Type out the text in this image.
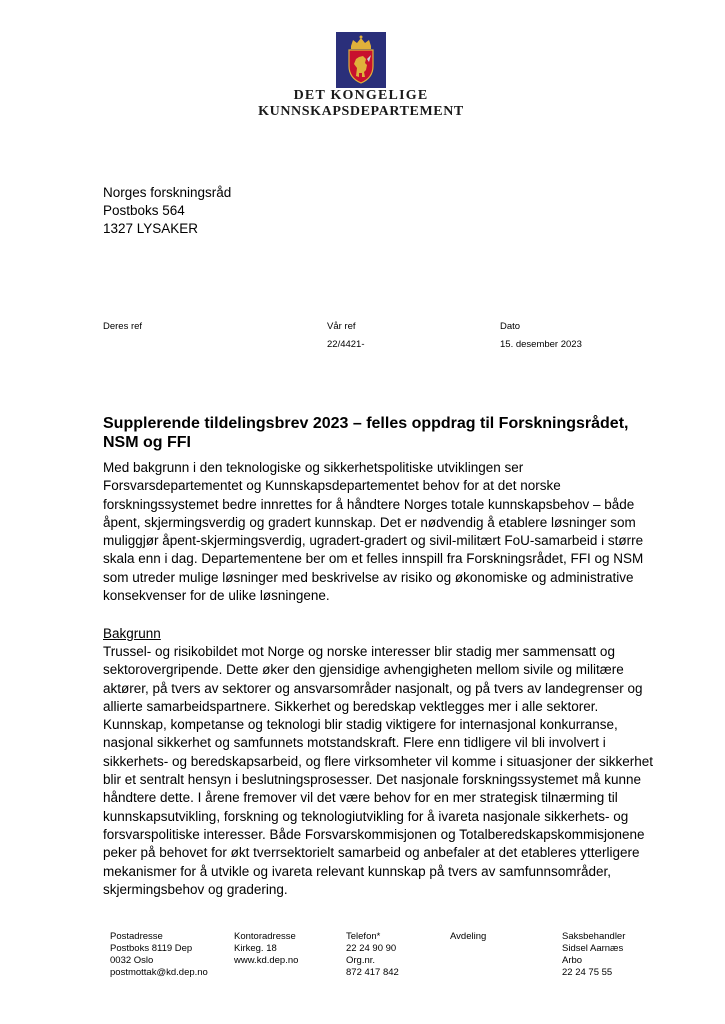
DET KONGELIGE
KUNNSKAPSDEPARTEMENT
Norges forskningsråd
Postboks 564
1327 LYSAKER
Deres ref	Vår ref
22/4421-
Dato
15. desember 2023
Supplerende tildelingsbrev 2023 – felles oppdrag til Forskningsrådet, NSM og FFI

Med bakgrunn i den teknologiske og sikkerhetspolitiske utviklingen ser Forsvarsdepartementet og Kunnskapsdepartementet behov for at det norske forskningssystemet bedre innrettes for å håndtere Norges totale kunnskapsbehov – både åpent, skjermingsverdig og gradert kunnskap. Det er nødvendig å etablere løsninger som muliggjør åpent-skjermingsverdig, ugradert-gradert og sivil-militært FoU-samarbeid i større skala enn i dag. Departementene ber om et felles innspill fra Forskningsrådet, FFI og NSM som utreder mulige løsninger med beskrivelse av risiko og økonomiske og administrative konsekvenser for de ulike løsningene.

Bakgrunn

Trussel- og risikobildet mot Norge og norske interesser blir stadig mer sammensatt og sektorovergripende. Dette øker den gjensidige avhengigheten mellom sivile og militære aktører, på tvers av sektorer og ansvarsområder nasjonalt, og på tvers av landegrenser og allierte samarbeidspartnere. Sikkerhet og beredskap vektlegges mer i alle sektorer. Kunnskap, kompetanse og teknologi blir stadig viktigere for internasjonal konkurranse, nasjonal sikkerhet og samfunnets motstandskraft. Flere enn tidligere vil bli involvert i sikkerhets- og beredskapsarbeid, og flere virksomheter vil komme i situasjoner der sikkerhet blir et sentralt hensyn i beslutningsprosesser. Det nasjonale forskningssystemet må kunne håndtere dette. I årene fremover vil det være behov for en mer strategisk tilnærming til kunnskapsutvikling, forskning og teknologiutvikling for å ivareta nasjonale sikkerhets- og forsvarspolitiske interesser. Både Forsvarskommisjonen og Totalberedskapskommisjonene peker på behovet for økt tverrsektorielt samarbeid og anbefaler at det etableres ytterligere mekanismer for å utvikle og ivareta relevant kunnskap på tvers av samfunnsområder, skjermingsbehov og gradering.

Postadresse
Postboks 8119 Dep
0032 Oslo
postmottak@kd.dep.no
Kontoradresse
Kirkeg. 18
www.kd.dep.no
Telefon*
22 24 90 90
Org.nr.
872 417 842
Avdeling	Saksbehandler
Sidsel Aarnæs
Arbo
22 24 75 55
